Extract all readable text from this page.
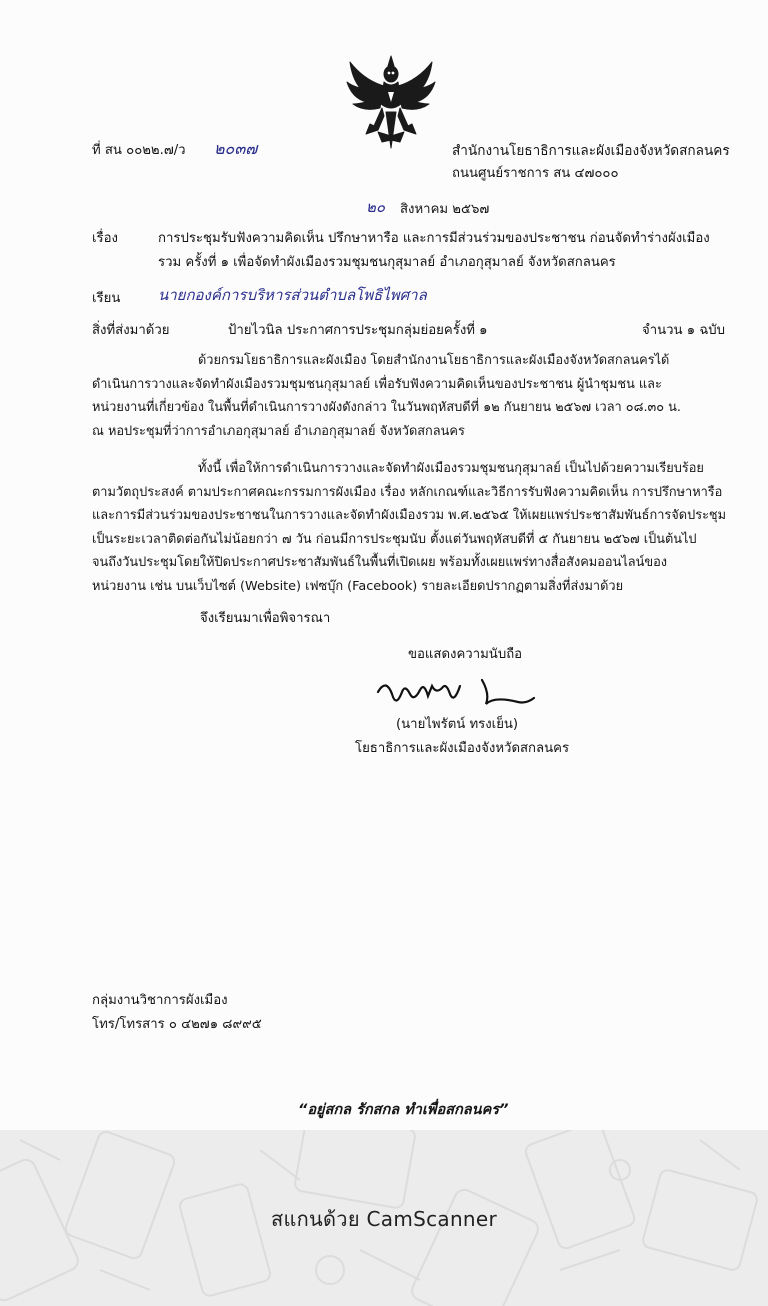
ที่ สน ๐๐๒๒.๗/ว ๒๐๓๗	สำนักงานโยธาธิการและผังเมืองจังหวัดสกลนคร
ถนนศูนย์ราชการ สน ๔๗๐๐๐
๒๐ สิงหาคม ๒๕๖๗
เรื่อง	การประชุมรับฟังความคิดเห็น ปรึกษาหารือ และการมีส่วนร่วมของประชาชน ก่อนจัดทำร่างผังเมือง
รวม ครั้งที่ ๑ เพื่อจัดทำผังเมืองรวมชุมชนกุสุมาลย์ อำเภอกุสุมาลย์ จังหวัดสกลนคร
เรียน	นายกองค์การบริหารส่วนตำบลโพธิไพศาล
สิ่งที่ส่งมาด้วย	ป้ายไวนิล ประกาศการประชุมกลุ่มย่อยครั้งที่ ๑	จำนวน ๑ ฉบับ

ด้วยกรมโยธาธิการและผังเมือง โดยสำนักงานโยธาธิการและผังเมืองจังหวัดสกลนครได้

ดำเนินการวางและจัดทำผังเมืองรวมชุมชนกุสุมาลย์ เพื่อรับฟังความคิดเห็นของประชาชน ผู้นำชุมชน และ

หน่วยงานที่เกี่ยวข้อง ในพื้นที่ดำเนินการวางผังดังกล่าว ในวันพฤหัสบดีที่ ๑๒ กันยายน ๒๕๖๗ เวลา ๐๘.๓๐ น.

ณ หอประชุมที่ว่าการอำเภอกุสุมาลย์ อำเภอกุสุมาลย์ จังหวัดสกลนคร

ทั้งนี้ เพื่อให้การดำเนินการวางและจัดทำผังเมืองรวมชุมชนกุสุมาลย์ เป็นไปด้วยความเรียบร้อย

ตามวัตถุประสงค์ ตามประกาศคณะกรรมการผังเมือง เรื่อง หลักเกณฑ์และวิธีการรับฟังความคิดเห็น การปรึกษาหารือ

และการมีส่วนร่วมของประชาชนในการวางและจัดทำผังเมืองรวม พ.ศ.๒๕๖๕ ให้เผยแพร่ประชาสัมพันธ์การจัดประชุม

เป็นระยะเวลาติดต่อกันไม่น้อยกว่า ๗ วัน ก่อนมีการประชุมนับ ตั้งแต่วันพฤหัสบดีที่ ๕ กันยายน ๒๕๖๗ เป็นต้นไป

จนถึงวันประชุมโดยให้ปิดประกาศประชาสัมพันธ์ในพื้นที่เปิดเผย พร้อมทั้งเผยแพร่ทางสื่อสังคมออนไลน์ของ

หน่วยงาน เช่น บนเว็บไซต์ (Website) เฟซบุ๊ก (Facebook) รายละเอียดปรากฏตามสิ่งที่ส่งมาด้วย

จึงเรียนมาเพื่อพิจารณา
ขอแสดงความนับถือ
(นายไพรัตน์ ทรงเย็น)
โยธาธิการและผังเมืองจังหวัดสกลนคร
กลุ่มงานวิชาการผังเมือง
โทร/โทรสาร ๐ ๔๒๗๑ ๘๙๙๕
“อยู่สกล รักสกล ทำเพื่อสกลนคร”
สแกนด้วย CamScanner
